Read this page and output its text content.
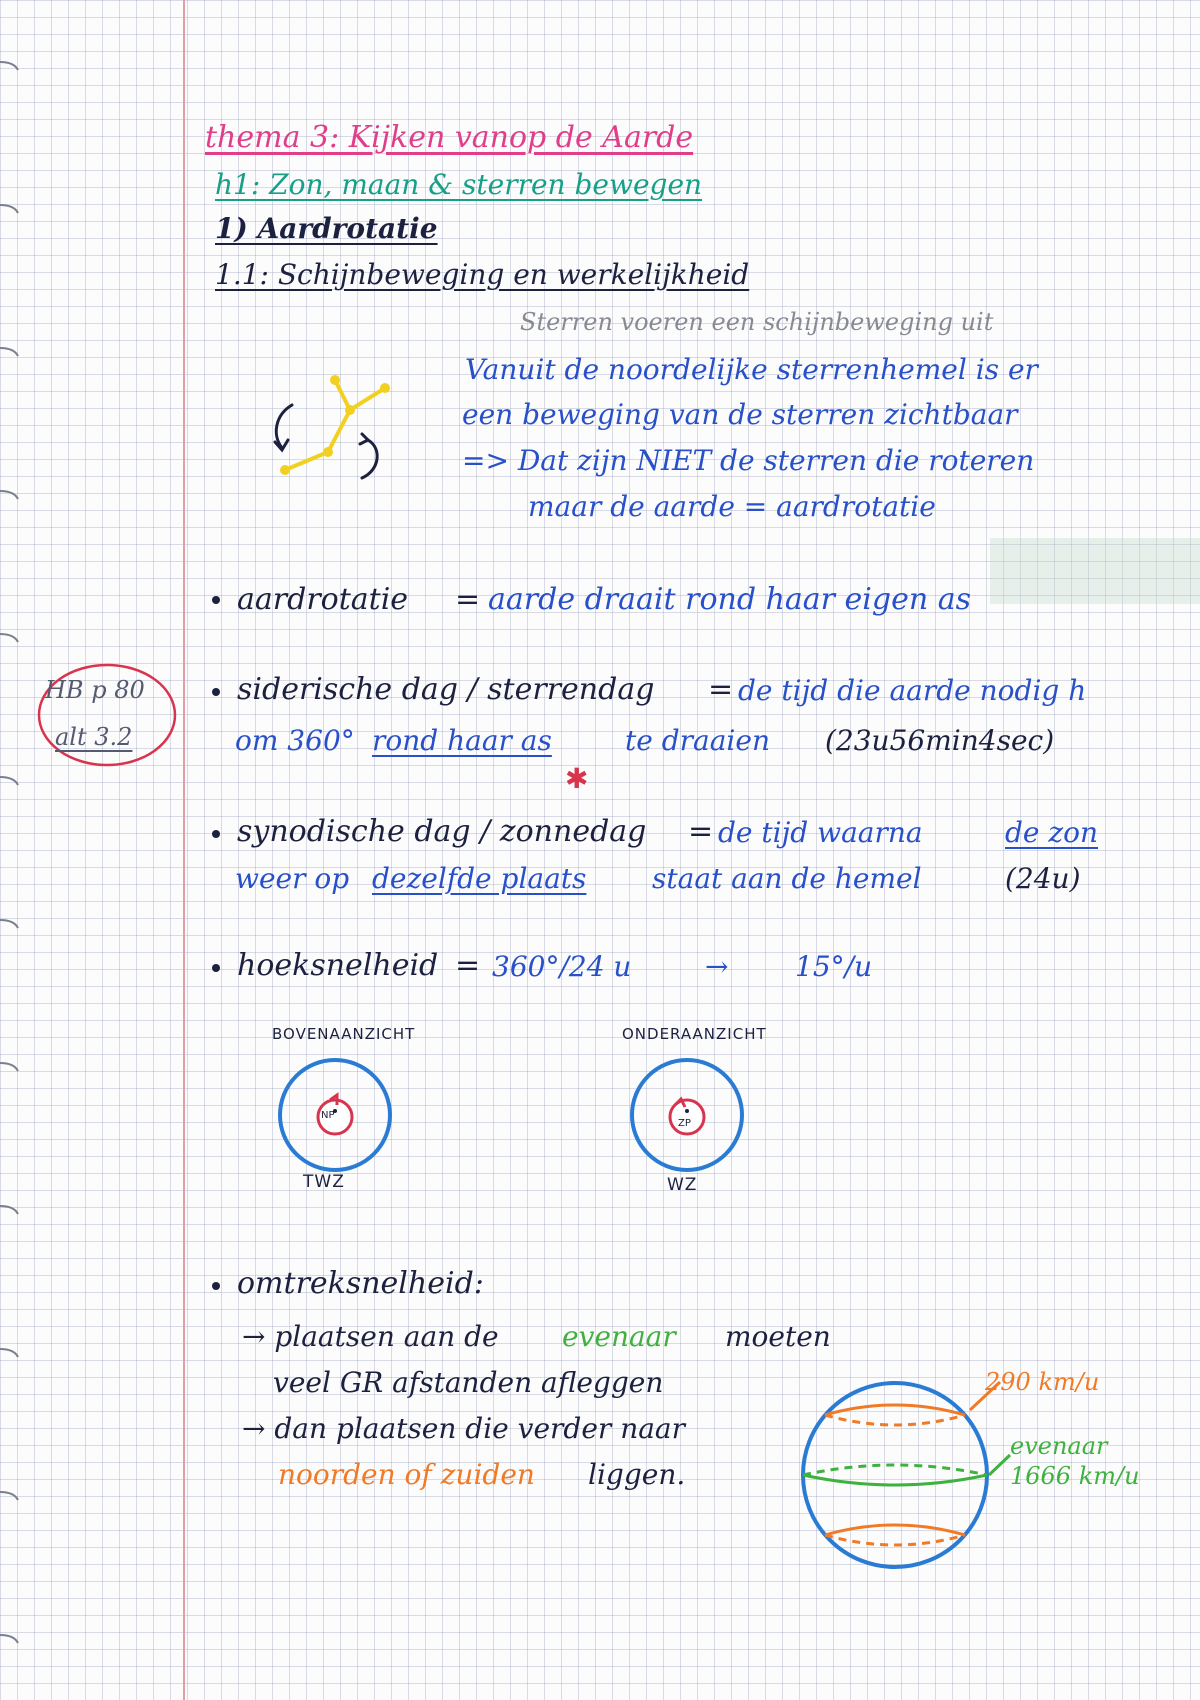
thema 3: Kijken vanop de Aarde
h1: Zon, maan & sterren bewegen
1) Aardrotatie
1.1: Schijnbeweging en werkelijkheid
Sterren voeren een schijnbeweging uit
Vanuit de noordelijke sterrenhemel is er
een beweging van de sterren zichtbaar
=> Dat zijn NIET de sterren die roteren
maar de aarde = aardrotatie
HB p 80
alt 3.2
aardrotatie = aarde draait rond haar eigen as
siderische dag / sterrendag = de tijd die aarde nodig h
om 360° rond haar as	te draaien (23u56min4sec)
✱
synodische dag / zonnedag = de tijd waarna	de zon
weer op dezelfde plaats staat aan de hemel	(24u)
hoeksnelheid = 360°/24 u	→ 15°/u
BOVENAANZICHT	ONDERAANZICHT
NP
TWZ
ZP
WZ
omtreksnelheid:
→ plaatsen aan de evenaar moeten
veel GR afstanden afleggen
→ dan plaatsen die verder naar
noorden of zuiden liggen.
290 km/u
evenaar
1666 km/u
